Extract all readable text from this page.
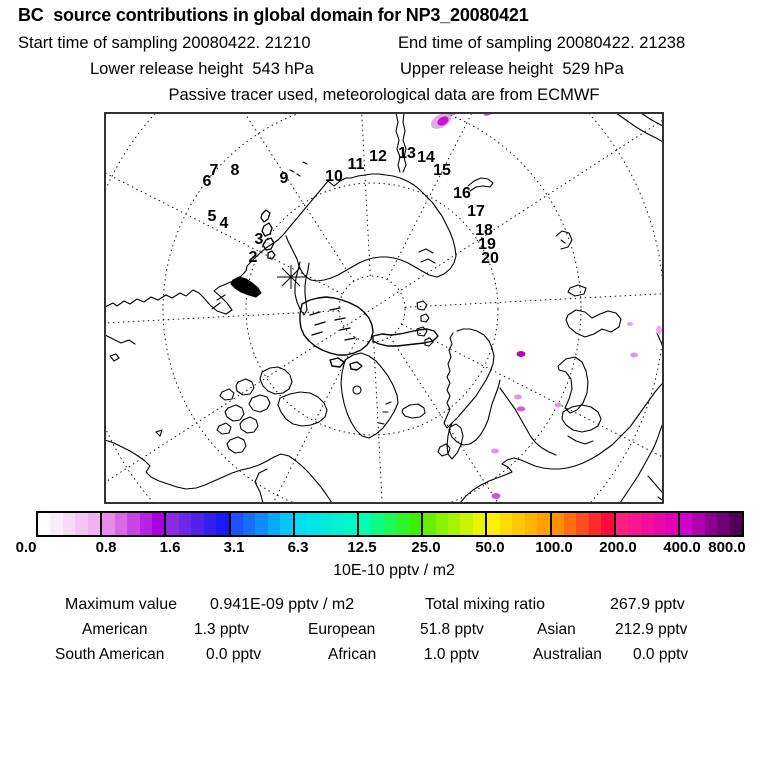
BC  source contributions in global domain for NP3_20080421
Start time of sampling 20080422. 21210	End time of sampling 20080422. 21238
Lower release height  543 hPa	Upper release height  529 hPa
Passive tracer used, meteorological data are from ECMWF
2
3
4
5
6
7 8	9 10
11 12 13 14
15
16
17
18
19
20
0.0	0.8	1.6	3.1	6.3	12.5 25.0 50.0 100.0 200.0 400.0 800.0
10E-10 pptv / m2
Maximum value 0.941E-09 pptv / m2	Total mixing ratio	267.9 pptv
American	1.3 pptv	European	51.8 pptv	Asian	212.9 pptv
South American	0.0 pptv	African	1.0 pptv	Australian 0.0 pptv
